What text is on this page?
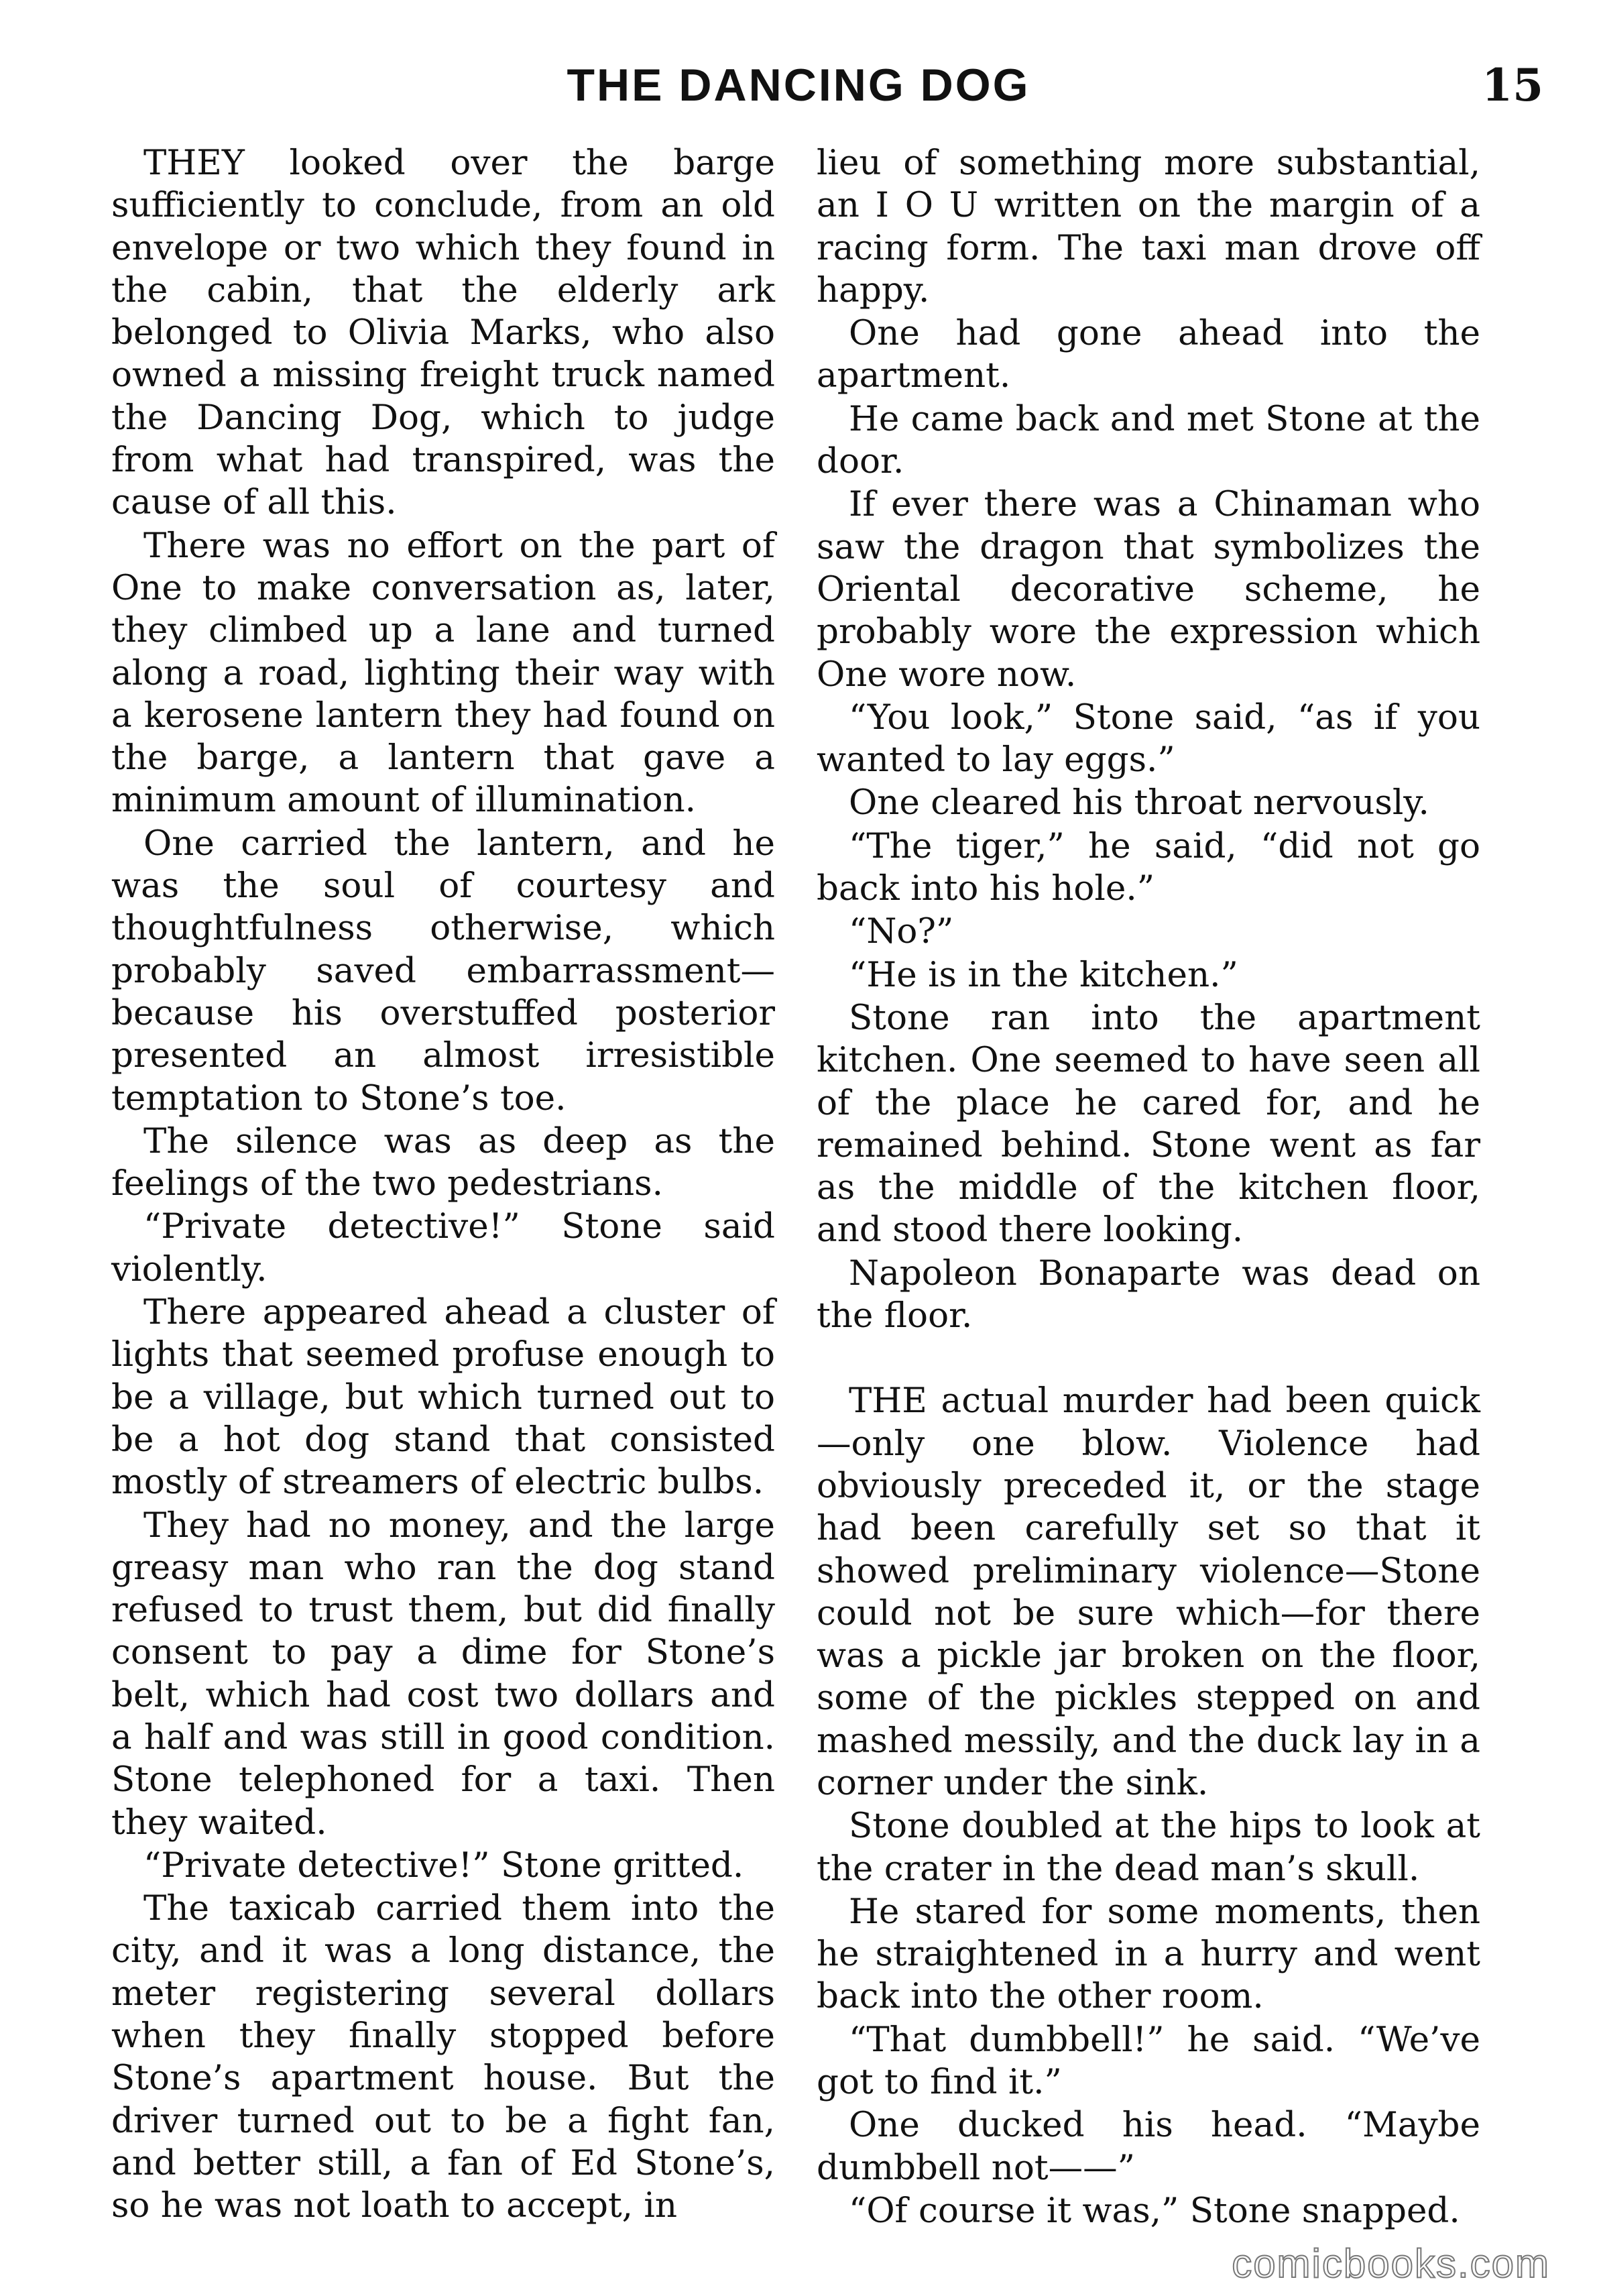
THE DANCING DOG	15

THEY looked over the barge sufficiently to conclude, from an old envelope or two which they found in the cabin, that the elderly ark belonged to Olivia Marks, who also owned a missing freight truck named the Dancing Dog, which to judge from what had transpired, was the cause of all this.

There was no effort on the part of One to make conversation as, later, they climbed up a lane and turned along a road, lighting their way with a kerosene lantern they had found on the barge, a lantern that gave a minimum amount of illumination.

One carried the lantern, and he was the soul of courtesy and thoughtfulness otherwise, which probably saved embarrassment—because his overstuffed posterior presented an almost irresistible temptation to Stone’s toe.

The silence was as deep as the feelings of the two pedestrians.

“Private detective!” Stone said violently.

There appeared ahead a cluster of lights that seemed profuse enough to be a village, but which turned out to be a hot dog stand that consisted mostly of streamers of electric bulbs.

They had no money, and the large greasy man who ran the dog stand refused to trust them, but did finally consent to pay a dime for Stone’s belt, which had cost two dollars and a half and was still in good condition. Stone telephoned for a taxi. Then they waited.

“Private detective!” Stone gritted.

The taxicab carried them into the city, and it was a long distance, the meter registering several dollars when they finally stopped before Stone’s apartment house. But the driver turned out to be a fight fan, and better still, a fan of Ed Stone’s, so he was not loath to accept, in

lieu of something more substantial, an I O U written on the margin of a racing form. The taxi man drove off happy.

One had gone ahead into the apartment.

He came back and met Stone at the door.

If ever there was a Chinaman who saw the dragon that symbolizes the Oriental decorative scheme, he probably wore the expression which One wore now.

“You look,” Stone said, “as if you wanted to lay eggs.”

One cleared his throat nervously.

“The tiger,” he said, “did not go back into his hole.”

“No?”

“He is in the kitchen.”

Stone ran into the apartment kitchen. One seemed to have seen all of the place he cared for, and he remained behind. Stone went as far as the middle of the kitchen floor, and stood there looking.

Napoleon Bonaparte was dead on the floor.

THE actual murder had been quick—only one blow. Violence had obviously preceded it, or the stage had been carefully set so that it showed preliminary violence—Stone could not be sure which—for there was a pickle jar broken on the floor, some of the pickles stepped on and mashed messily, and the duck lay in a corner under the sink.

Stone doubled at the hips to look at the crater in the dead man’s skull.

He stared for some moments, then he straightened in a hurry and went back into the other room.

“That dumbbell!” he said. “We’ve got to find it.”

One ducked his head. “Maybe dumbbell not——”

“Of course it was,” Stone snapped.

comicbooks.com
